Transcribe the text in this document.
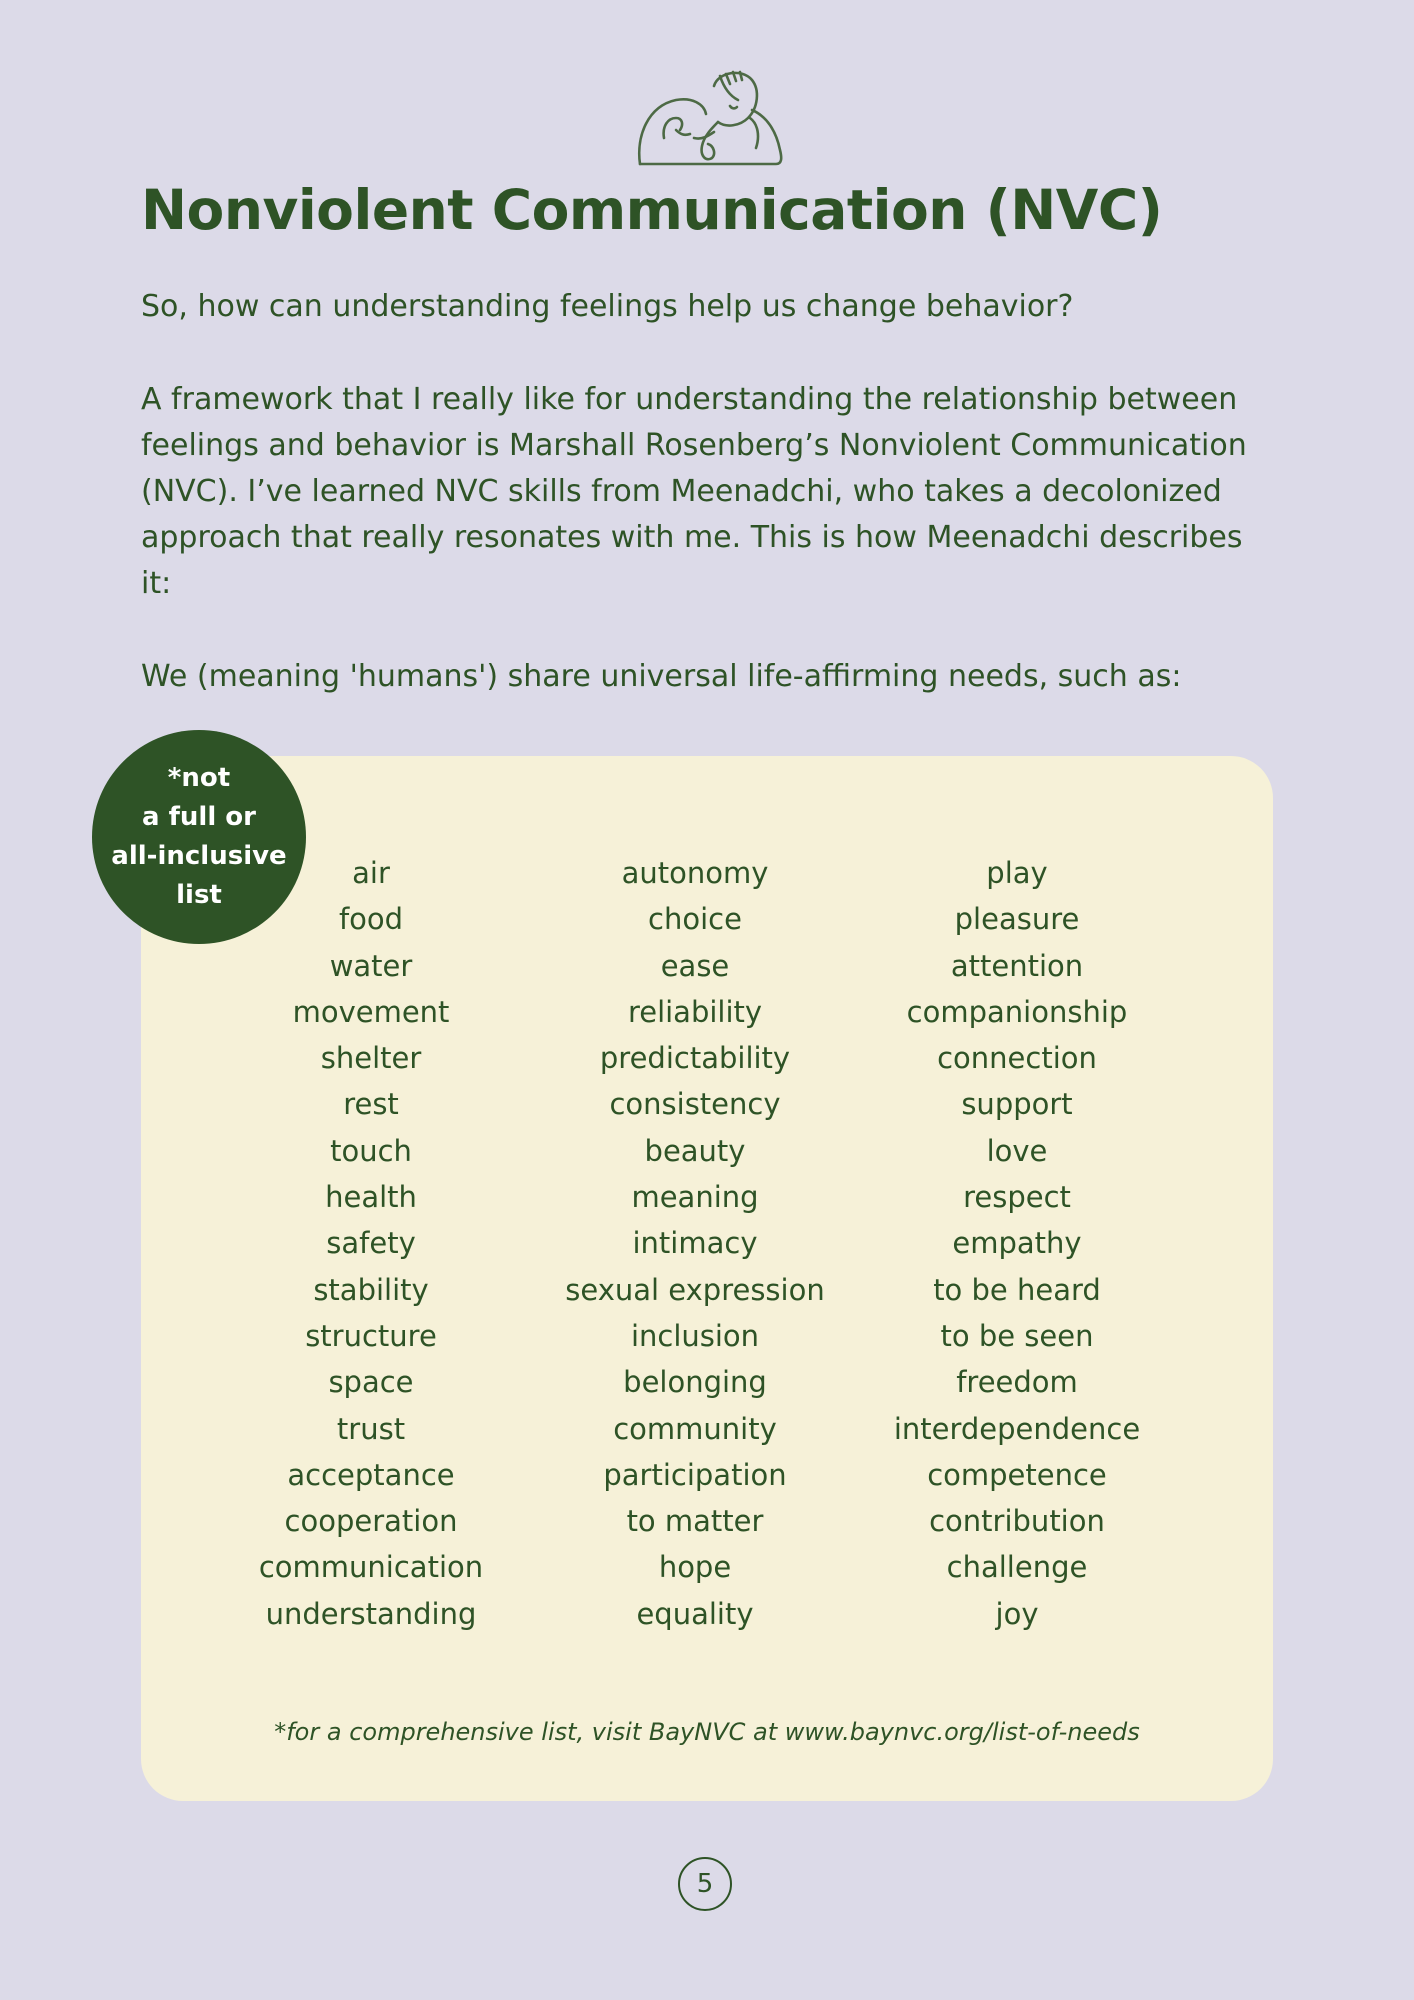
Nonviolent Communication (NVC)

So, how can understanding feelings help us change behavior?

A framework that I really like for understanding the relationship between feelings and behavior is Marshall Rosenberg’s Nonviolent Communication (NVC). I’ve learned NVC skills from Meenadchi, who takes a decolonized approach that really resonates with me. This is how Meenadchi describes it:

We (meaning 'humans') share universal life-affirming needs, such as:

air
food
water
movement
shelter
rest
touch
health
safety
stability
structure
space
trust
acceptance
cooperation
communication
understanding
autonomy
choice
ease
reliability
predictability
consistency
beauty
meaning
intimacy
sexual expression
inclusion
belonging
community
participation
to matter
hope
equality
play
pleasure
attention
companionship
connection
support
love
respect
empathy
to be heard
to be seen
freedom
interdependence
competence
contribution
challenge
joy
*for a comprehensive list, visit BayNVC at www.baynvc.org/list-of-needs
*not
a full or
all-inclusive
list
5
